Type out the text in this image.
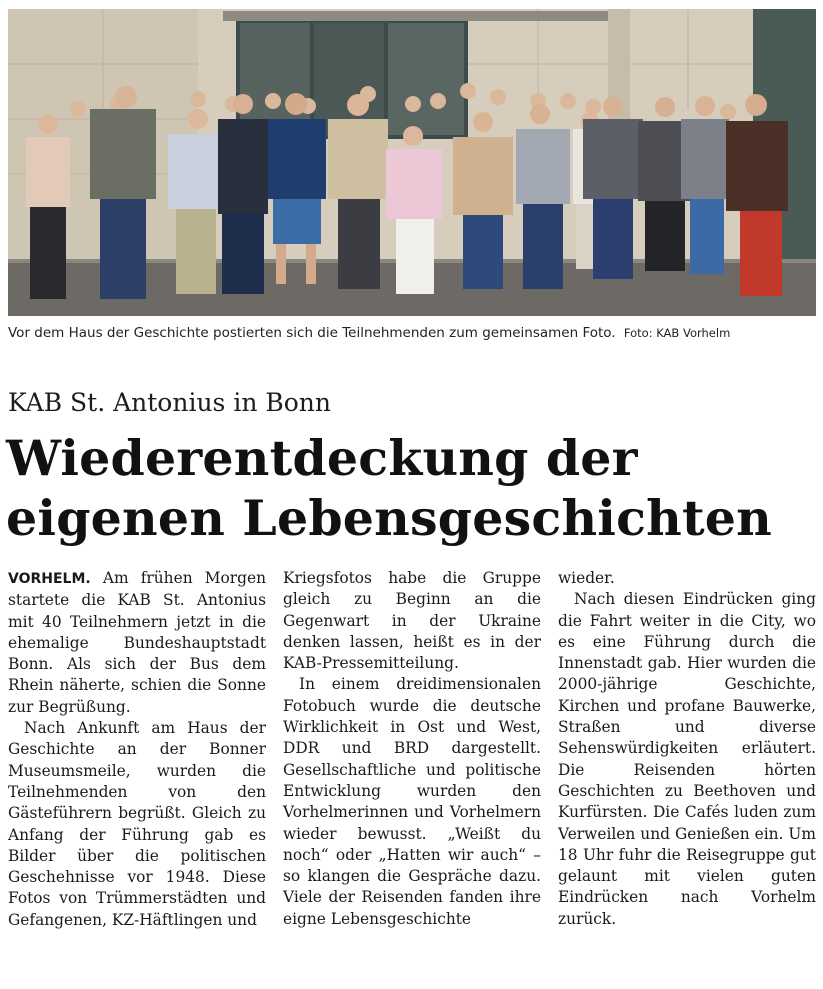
Vor dem Haus der Geschichte postierten sich die Teilnehmenden zum gemeinsamen Foto. Foto: KAB Vorhelm
KAB St. Antonius in Bonn
Wiederentdeckung der
eigenen Lebensgeschichten

VORHELM. Am frühen Morgen startete die KAB St. Antonius mit 40 Teilnehmern jetzt in die ehemalige Bundeshauptstadt Bonn. Als sich der Bus dem Rhein näherte, schien die Sonne zur Begrüßung.

Nach Ankunft am Haus der Geschichte an der Bonner Museumsmeile, wurden die Teilnehmenden von den Gästeführern begrüßt. Gleich zu Anfang der Führung gab es Bilder über die politischen Geschehnisse vor 1948. Diese Fotos von Trümmerstädten und Gefangenen, KZ-Häftlingen und

Kriegsfotos habe die Gruppe gleich zu Beginn an die Gegenwart in der Ukraine denken lassen, heißt es in der KAB-Pressemitteilung.

In einem dreidimensionalen Fotobuch wurde die deutsche Wirklichkeit in Ost und West, DDR und BRD dargestellt. Gesellschaftliche und politische Entwicklung wurden den Vorhelmerinnen und Vorhelmern wieder bewusst. „Weißt du noch“ oder „Hatten wir auch“ – so klangen die Gespräche dazu. Viele der Reisenden fanden ihre eigne Lebensgeschichte

wieder.

Nach diesen Eindrücken ging die Fahrt weiter in die City, wo es eine Führung durch die Innenstadt gab. Hier wurden die 2000-jährige Geschichte, Kirchen und profane Bauwerke, Straßen und diverse Sehenswürdigkeiten erläutert. Die Reisenden hörten Geschichten zu Beethoven und Kurfürsten. Die Cafés luden zum Verweilen und Genießen ein. Um 18 Uhr fuhr die Reisegruppe gut gelaunt mit vielen guten Eindrücken nach Vorhelm zurück.
